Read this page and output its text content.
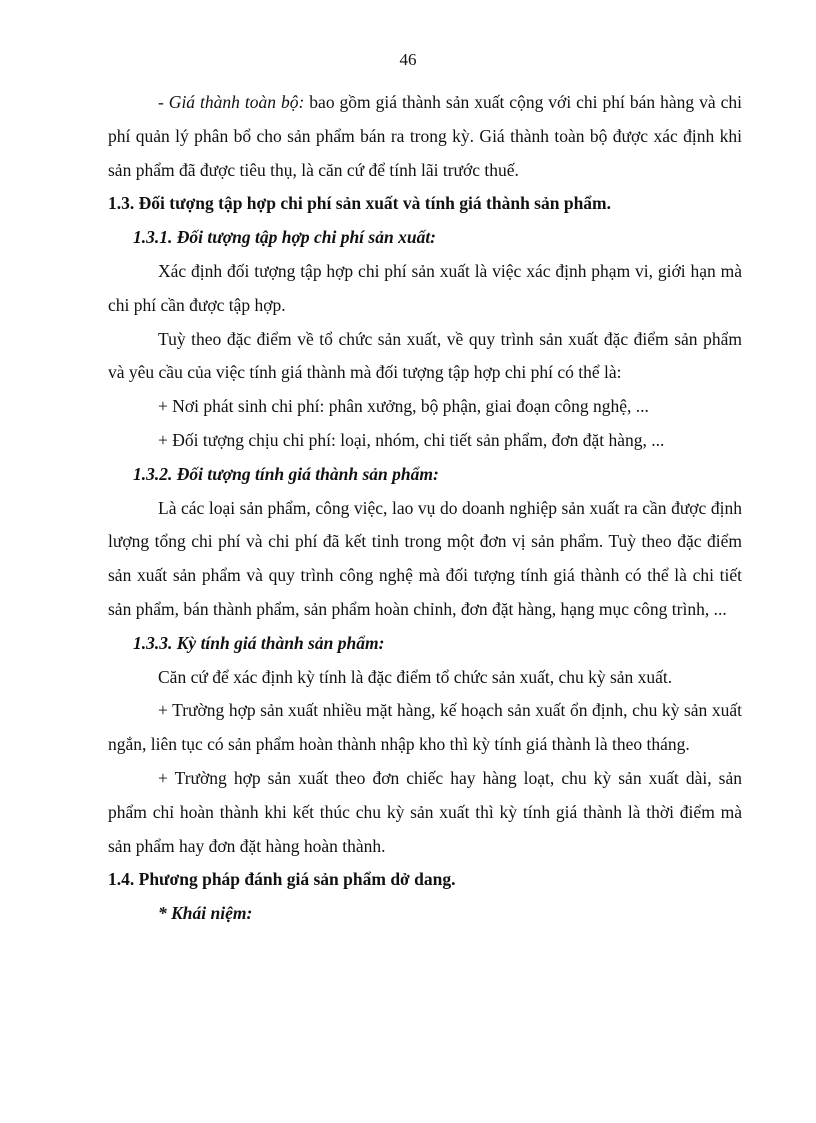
46

- Giá thành toàn bộ: bao gồm giá thành sản xuất cộng với chi phí bán hàng và chi phí quản lý phân bổ cho sản phẩm bán ra trong kỳ. Giá thành toàn bộ được xác định khi sản phẩm đã được tiêu thụ, là căn cứ để tính lãi trước thuế.

1.3. Đối tượng tập hợp chi phí sản xuất và tính giá thành sản phẩm.

1.3.1. Đối tượng tập hợp chi phí sản xuất:

Xác định đối tượng tập hợp chi phí sản xuất là việc xác định phạm vi, giới hạn mà chi phí cần được tập hợp.

Tuỳ theo đặc điểm về tổ chức sản xuất, về quy trình sản xuất đặc điểm sản phẩm và yêu cầu của việc tính giá thành mà đối tượng tập hợp chi phí có thể là:

+ Nơi phát sinh chi phí: phân xưởng, bộ phận, giai đoạn công nghệ, ...

+ Đối tượng chịu chi phí: loại, nhóm, chi tiết sản phẩm, đơn đặt hàng, ...

1.3.2. Đối tượng tính giá thành sản phẩm:

Là các loại sản phẩm, công việc, lao vụ do doanh nghiệp sản xuất ra cần được định lượng tổng chi phí và chi phí đã kết tinh trong một đơn vị sản phẩm. Tuỳ theo đặc điểm sản xuất sản phẩm và quy trình công nghệ mà đối tượng tính giá thành có thể là chi tiết sản phẩm, bán thành phẩm, sản phẩm hoàn chỉnh, đơn đặt hàng, hạng mục công trình, ...

1.3.3. Kỳ tính giá thành sản phẩm:

Căn cứ để xác định kỳ tính là đặc điểm tổ chức sản xuất, chu kỳ sản xuất.

+ Trường hợp sản xuất nhiều mặt hàng, kế hoạch sản xuất ổn định, chu kỳ sản xuất ngắn, liên tục có sản phẩm hoàn thành nhập kho thì kỳ tính giá thành là theo tháng.

+ Trường hợp sản xuất theo đơn chiếc hay hàng loạt, chu kỳ sản xuất dài, sản phẩm chỉ hoàn thành khi kết thúc chu kỳ sản xuất thì kỳ tính giá thành là thời điểm mà sản phẩm hay đơn đặt hàng hoàn thành.

1.4. Phương pháp đánh giá sản phẩm dở dang.

* Khái niệm:
